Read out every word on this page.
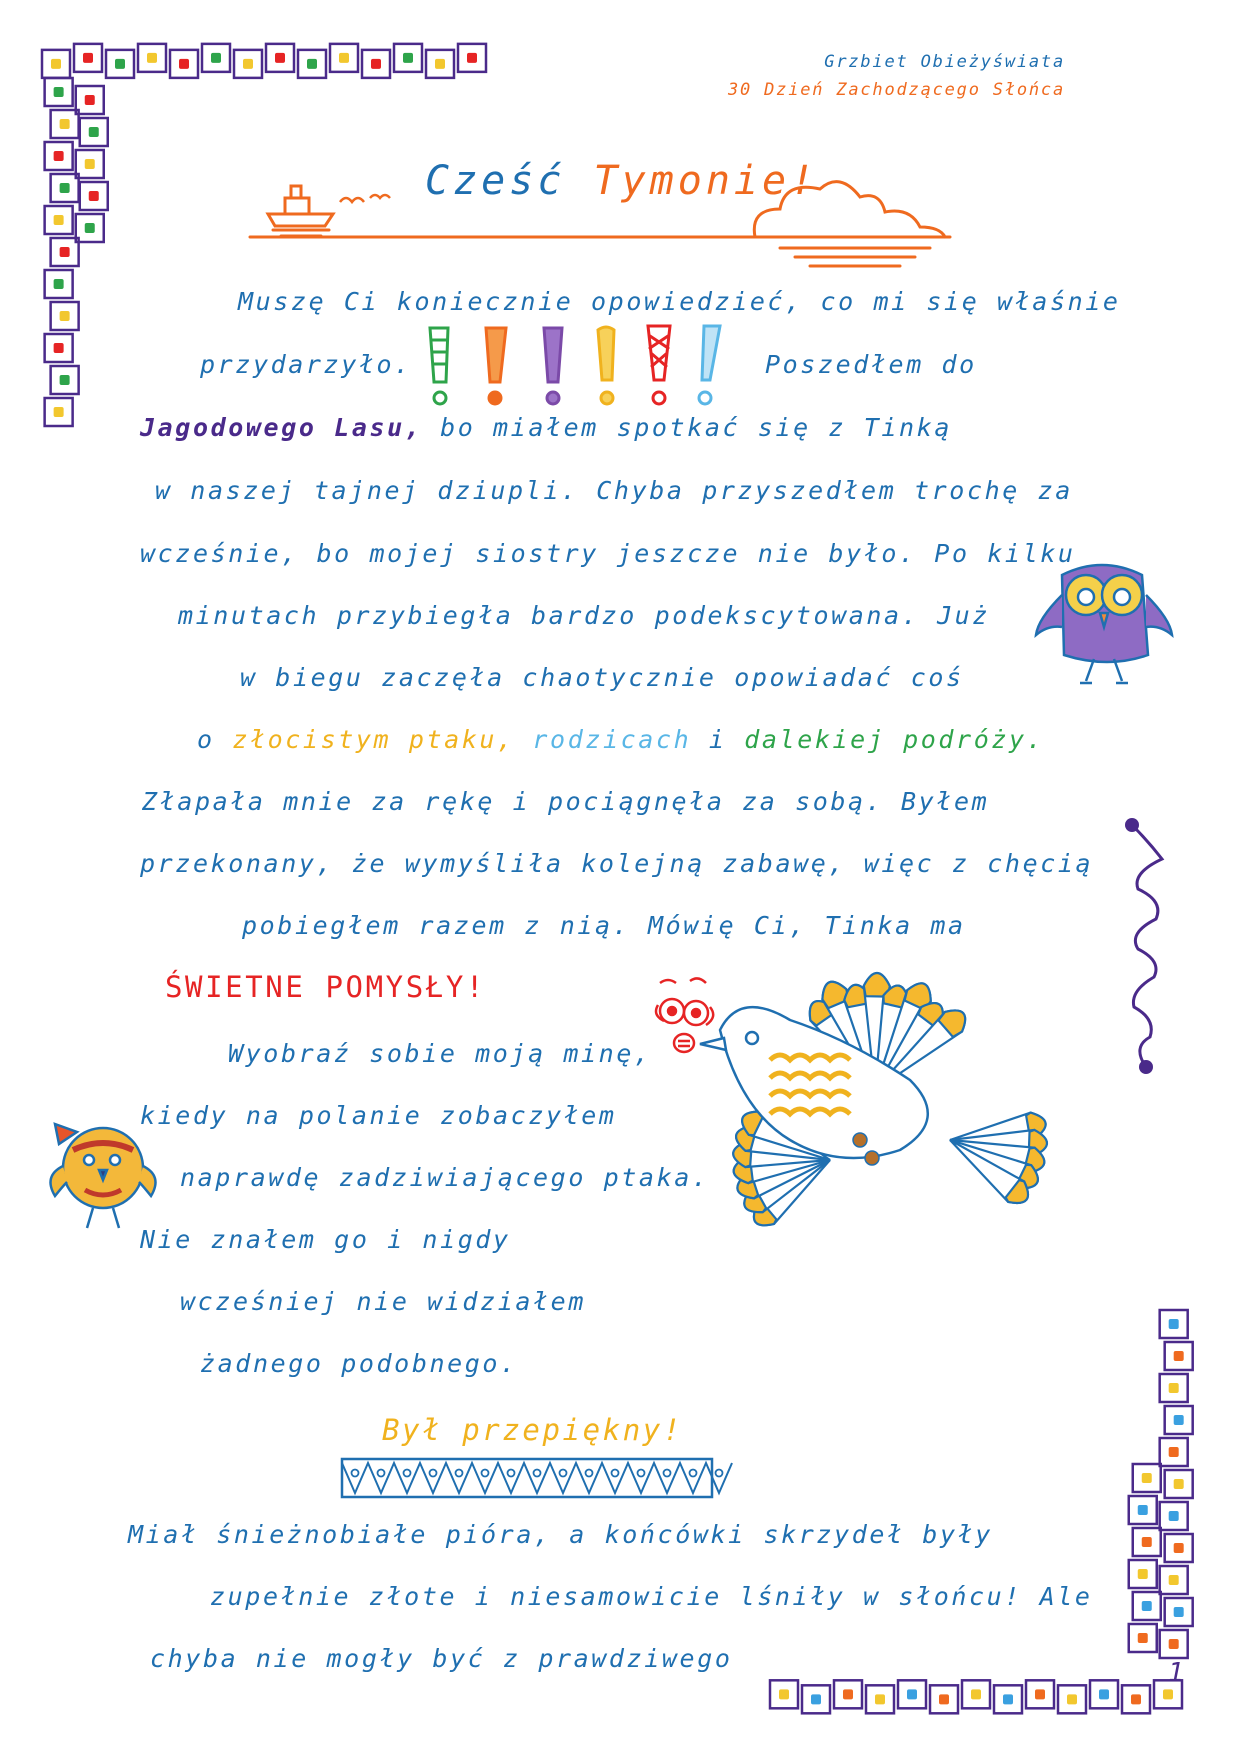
Grzbiet Obieżyświata
30 Dzień Zachodzącego Słońca
Cześć Tymonie!
Muszę Ci koniecznie opowiedzieć, co mi się właśnie
przydarzyło.	Poszedłem do
Jagodowego Lasu, bo miałem spotkać się z Tinką
w naszej tajnej dziupli. Chyba przyszedłem trochę za
wcześnie, bo mojej siostry jeszcze nie było. Po kilku
minutach przybiegła bardzo podekscytowana. Już
w biegu zaczęła chaotycznie opowiadać coś
o złocistym ptaku, rodzicach i dalekiej podróży.
Złapała mnie za rękę i pociągnęła za sobą. Byłem
przekonany, że wymyśliła kolejną zabawę, więc z chęcią
pobiegłem razem z nią. Mówię Ci, Tinka ma
ŚWIETNE POMYSŁY!
Wyobraź sobie moją minę,
kiedy na polanie zobaczyłem
naprawdę zadziwiającego ptaka.
Nie znałem go i nigdy
wcześniej nie widziałem
żadnego podobnego.
Był przepiękny!
Miał śnieżnobiałe pióra, a końcówki skrzydeł były
zupełnie złote i niesamowicie lśniły w słońcu! Ale
chyba nie mogły być z prawdziwego	1
